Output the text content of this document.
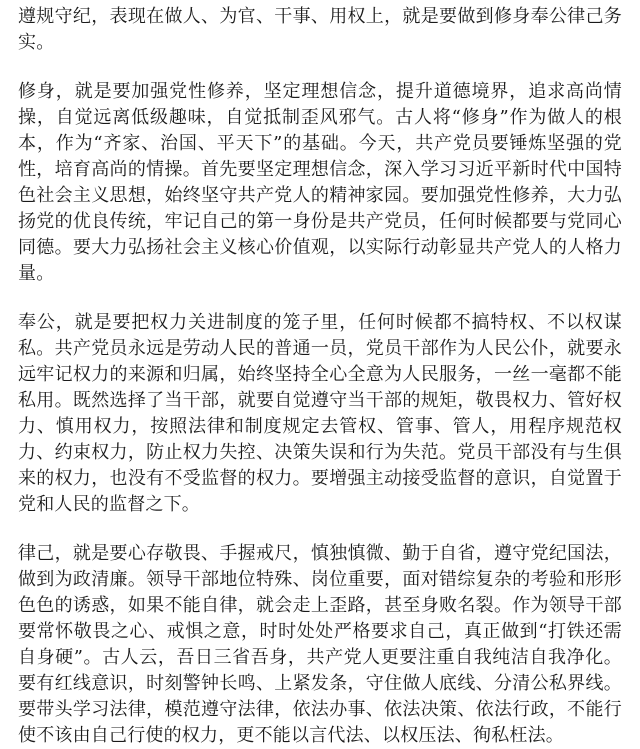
遵规守纪，表现在做人、为官、干事、用权上，就是要做到修身奉公律己务实。

修身，就是要加强党性修养，坚定理想信念，提升道德境界，追求高尚情操，自觉远离低级趣味，自觉抵制歪风邪气。古人将“修身”作为做人的根本，作为“齐家、治国、平天下”的基础。今天，共产党员要锤炼坚强的党性，培育高尚的情操。首先要坚定理想信念，深入学习习近平新时代中国特色社会主义思想，始终坚守共产党人的精神家园。要加强党性修养，大力弘扬党的优良传统，牢记自己的第一身份是共产党员，任何时候都要与党同心同德。要大力弘扬社会主义核心价值观，以实际行动彰显共产党人的人格力量。

奉公，就是要把权力关进制度的笼子里，任何时候都不搞特权、不以权谋私。共产党员永远是劳动人民的普通一员，党员干部作为人民公仆，就要永远牢记权力的来源和归属，始终坚持全心全意为人民服务，一丝一毫都不能私用。既然选择了当干部，就要自觉遵守当干部的规矩，敬畏权力、管好权力、慎用权力，按照法律和制度规定去管权、管事、管人，用程序规范权力、约束权力，防止权力失控、决策失误和行为失范。党员干部没有与生俱来的权力，也没有不受监督的权力。要增强主动接受监督的意识，自觉置于党和人民的监督之下。

律己，就是要心存敬畏、手握戒尺，慎独慎微、勤于自省，遵守党纪国法，做到为政清廉。领导干部地位特殊、岗位重要，面对错综复杂的考验和形形色色的诱惑，如果不能自律，就会走上歪路，甚至身败名裂。作为领导干部要常怀敬畏之心、戒惧之意，时时处处严格要求自己，真正做到“打铁还需自身硬”。古人云，吾日三省吾身，共产党人更要注重自我纯洁自我净化。要有红线意识，时刻警钟长鸣、上紧发条，守住做人底线、分清公私界线。要带头学习法律，模范遵守法律，依法办事、依法决策、依法行政，不能行使不该由自己行使的权力，更不能以言代法、以权压法、徇私枉法。
